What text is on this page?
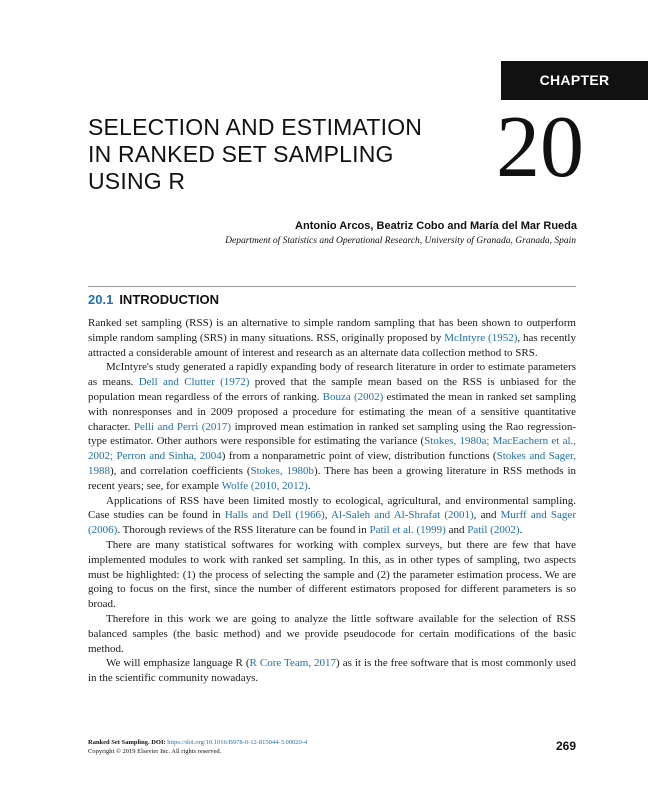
CHAPTER
SELECTION AND ESTIMATION
IN RANKED SET SAMPLING
USING R	20
Antonio Arcos, Beatriz Cobo and María del Mar Rueda
Department of Statistics and Operational Research, University of Granada, Granada, Spain
20.1 INTRODUCTION

Ranked set sampling (RSS) is an alternative to simple random sampling that has been shown to outperform simple random sampling (SRS) in many situations. RSS, originally proposed by McIntyre (1952), has recently attracted a considerable amount of interest and research as an alternate data collection method to SRS.

McIntyre's study generated a rapidly expanding body of research literature in order to estimate parameters as means. Dell and Clutter (1972) proved that the sample mean based on the RSS is unbiased for the population mean regardless of the errors of ranking. Bouza (2002) estimated the mean in ranked set sampling with nonresponses and in 2009 proposed a procedure for estimating the mean of a sensitive quantitative character. Pelli and Perri (2017) improved mean estimation in ranked set sampling using the Rao regression-type estimator. Other authors were responsible for estimating the variance (Stokes, 1980a; MacEachern et al., 2002; Perron and Sinha, 2004) from a nonparametric point of view, distribution functions (Stokes and Sager, 1988), and correlation coefficients (Stokes, 1980b). There has been a growing literature in RSS methods in recent years; see, for example Wolfe (2010, 2012).

Applications of RSS have been limited mostly to ecological, agricultural, and environmental sampling. Case studies can be found in Halls and Dell (1966), Al-Saleh and Al-Shrafat (2001), and Murff and Sager (2006). Thorough reviews of the RSS literature can be found in Patil et al. (1999) and Patil (2002).

There are many statistical softwares for working with complex surveys, but there are few that have implemented modules to work with ranked set sampling. In this, as in other types of sampling, two aspects must be highlighted: (1) the process of selecting the sample and (2) the parameter estimation process. We are going to focus on the first, since the number of different estimators proposed for different parameters is so broad.

Therefore in this work we are going to analyze the little software available for the selection of RSS balanced samples (the basic method) and we provide pseudocode for certain modifications of the basic method.

We will emphasize language R (R Core Team, 2017) as it is the free software that is most commonly used in the scientific community nowadays.

Ranked Set Sampling. DOI: https://doi.org/10.1016/B978-0-12-815044-3.00020-4
Copyright © 2019 Elsevier Inc. All rights reserved.	269
